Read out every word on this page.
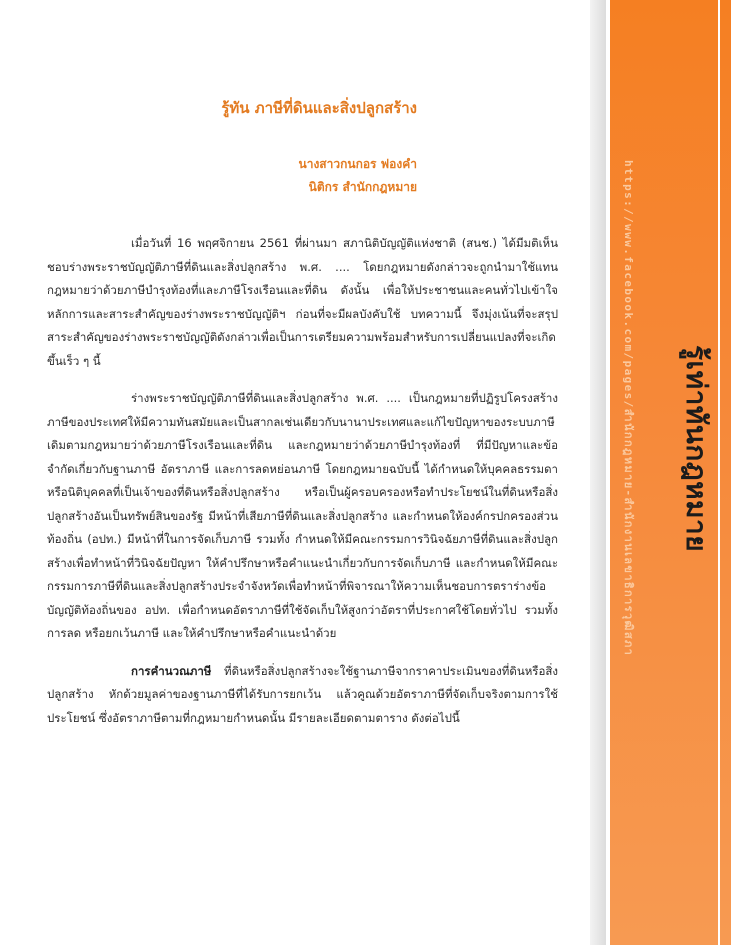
รู้ทัน ภาษีที่ดินและสิ่งปลูกสร้าง
นางสาวกนกอร ฟองคำ
นิติกร สำนักกฎหมาย

เมื่อวันที่ 16 พฤศจิกายน 2561 ที่ผ่านมา สภานิติบัญญัติแห่งชาติ (สนช.) ได้มีมติเห็นชอบร่างพระราชบัญญัติภาษีที่ดินและสิ่งปลูกสร้าง พ.ศ. .... โดยกฎหมายดังกล่าวจะถูกนำมาใช้แทนกฎหมายว่าด้วยภาษีบำรุงท้องที่และภาษีโรงเรือนและที่ดิน ดังนั้น เพื่อให้ประชาชนและคนทั่วไปเข้าใจหลักการและสาระสำคัญของร่างพระราชบัญญัติฯ ก่อนที่จะมีผลบังคับใช้ บทความนี้ จึงมุ่งเน้นที่จะสรุปสาระสำคัญของร่างพระราชบัญญัติดังกล่าวเพื่อเป็นการเตรียมความพร้อมสำหรับการเปลี่ยนแปลงที่จะเกิดขึ้นเร็ว ๆ นี้

ร่างพระราชบัญญัติภาษีที่ดินและสิ่งปลูกสร้าง พ.ศ. .... เป็นกฎหมายที่ปฏิรูปโครงสร้างภาษีของประเทศให้มีความทันสมัยและเป็นสากลเช่นเดียวกับนานาประเทศและแก้ไขปัญหาของระบบภาษีเดิมตามกฎหมายว่าด้วยภาษีโรงเรือนและที่ดิน และกฎหมายว่าด้วยภาษีบำรุงท้องที่ ที่มีปัญหาและข้อจำกัดเกี่ยวกับฐานภาษี อัตราภาษี และการลดหย่อนภาษี โดยกฎหมายฉบับนี้ ได้กำหนดให้บุคคลธรรมดาหรือนิติบุคคลที่เป็นเจ้าของที่ดินหรือสิ่งปลูกสร้าง หรือเป็นผู้ครอบครองหรือทำประโยชน์ในที่ดินหรือสิ่งปลูกสร้างอันเป็นทรัพย์สินของรัฐ มีหน้าที่เสียภาษีที่ดินและสิ่งปลูกสร้าง และกำหนดให้องค์กรปกครองส่วนท้องถิ่น (อปท.) มีหน้าที่ในการจัดเก็บภาษี รวมทั้ง กำหนดให้มีคณะกรรมการวินิจฉัยภาษีที่ดินและสิ่งปลูกสร้างเพื่อทำหน้าที่วินิจฉัยปัญหา ให้คำปรึกษาหรือคำแนะนำเกี่ยวกับการจัดเก็บภาษี และกำหนดให้มีคณะกรรมการภาษีที่ดินและสิ่งปลูกสร้างประจำจังหวัดเพื่อทำหน้าที่พิจารณาให้ความเห็นชอบการตราร่างข้อบัญญัติท้องถิ่นของ อปท. เพื่อกำหนดอัตราภาษีที่ใช้จัดเก็บให้สูงกว่าอัตราที่ประกาศใช้โดยทั่วไป รวมทั้งการลด หรือยกเว้นภาษี และให้คำปรึกษาหรือคำแนะนำด้วย

การคำนวณภาษี ที่ดินหรือสิ่งปลูกสร้างจะใช้ฐานภาษีจากราคาประเมินของที่ดินหรือสิ่งปลูกสร้าง หักด้วยมูลค่าของฐานภาษีที่ได้รับการยกเว้น แล้วคูณด้วยอัตราภาษีที่จัดเก็บจริงตามการใช้ประโยชน์ ซึ่งอัตราภาษีตามที่กฎหมายกำหนดนั้น มีรายละเอียดตามตาราง ดังต่อไปนี้

https://www.facebook.com/pages/สำนักกฎหมาย-สำนักงานเลขาธิการวุฒิสภา รู้เท่าทันกฎหมาย
